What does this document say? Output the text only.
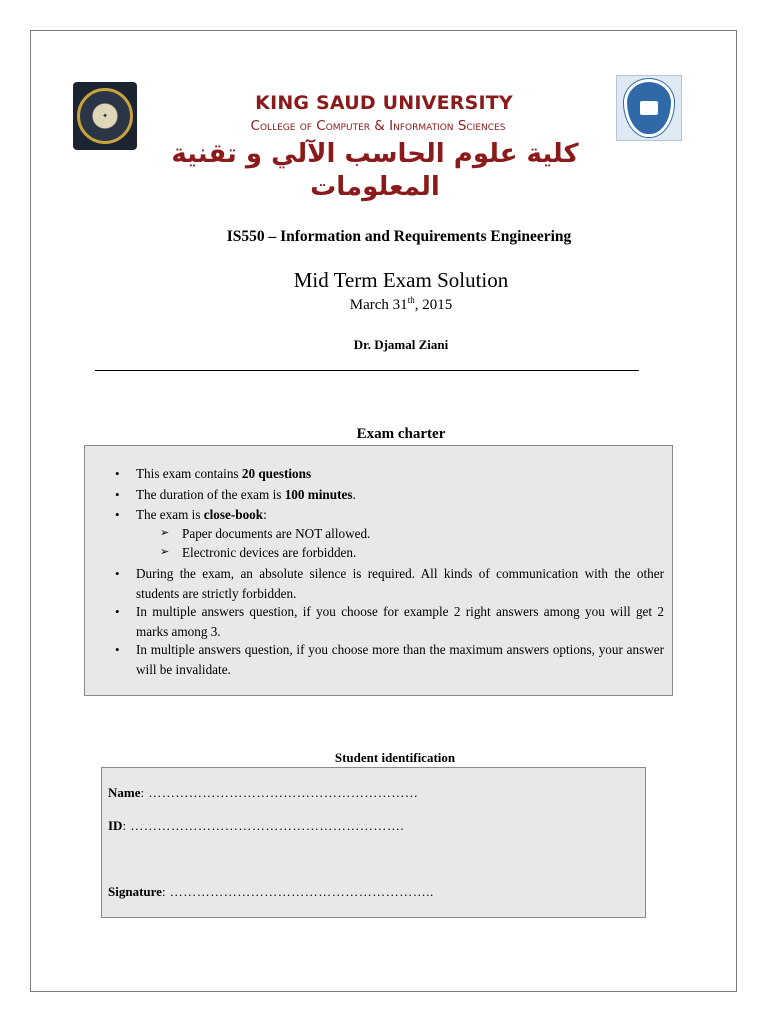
✦
KING SAUD UNIVERSITY
College of Computer & Information Sciences
كلية علوم الحاسب الآلي و تقنية المعلومات
IS550 – Information and Requirements Engineering
Mid Term Exam Solution
March 31th, 2015
Dr. Djamal Ziani
Exam charter
• This exam contains 20 questions
• The duration of the exam is 100 minutes.
• The exam is close-book:
➢ Paper documents are NOT allowed.
➢ Electronic devices are forbidden.
• During the exam, an absolute silence is required. All kinds of communication with the other students are strictly forbidden.
• In multiple answers question, if you choose for example 2 right answers among you will get 2 marks among 3.
• In multiple answers question, if you choose more than the maximum answers options, your answer will be invalidate.
Student identification
Name: ……………………………………………………
ID: …………………………………………………….
Signature: …………………………………………………..
